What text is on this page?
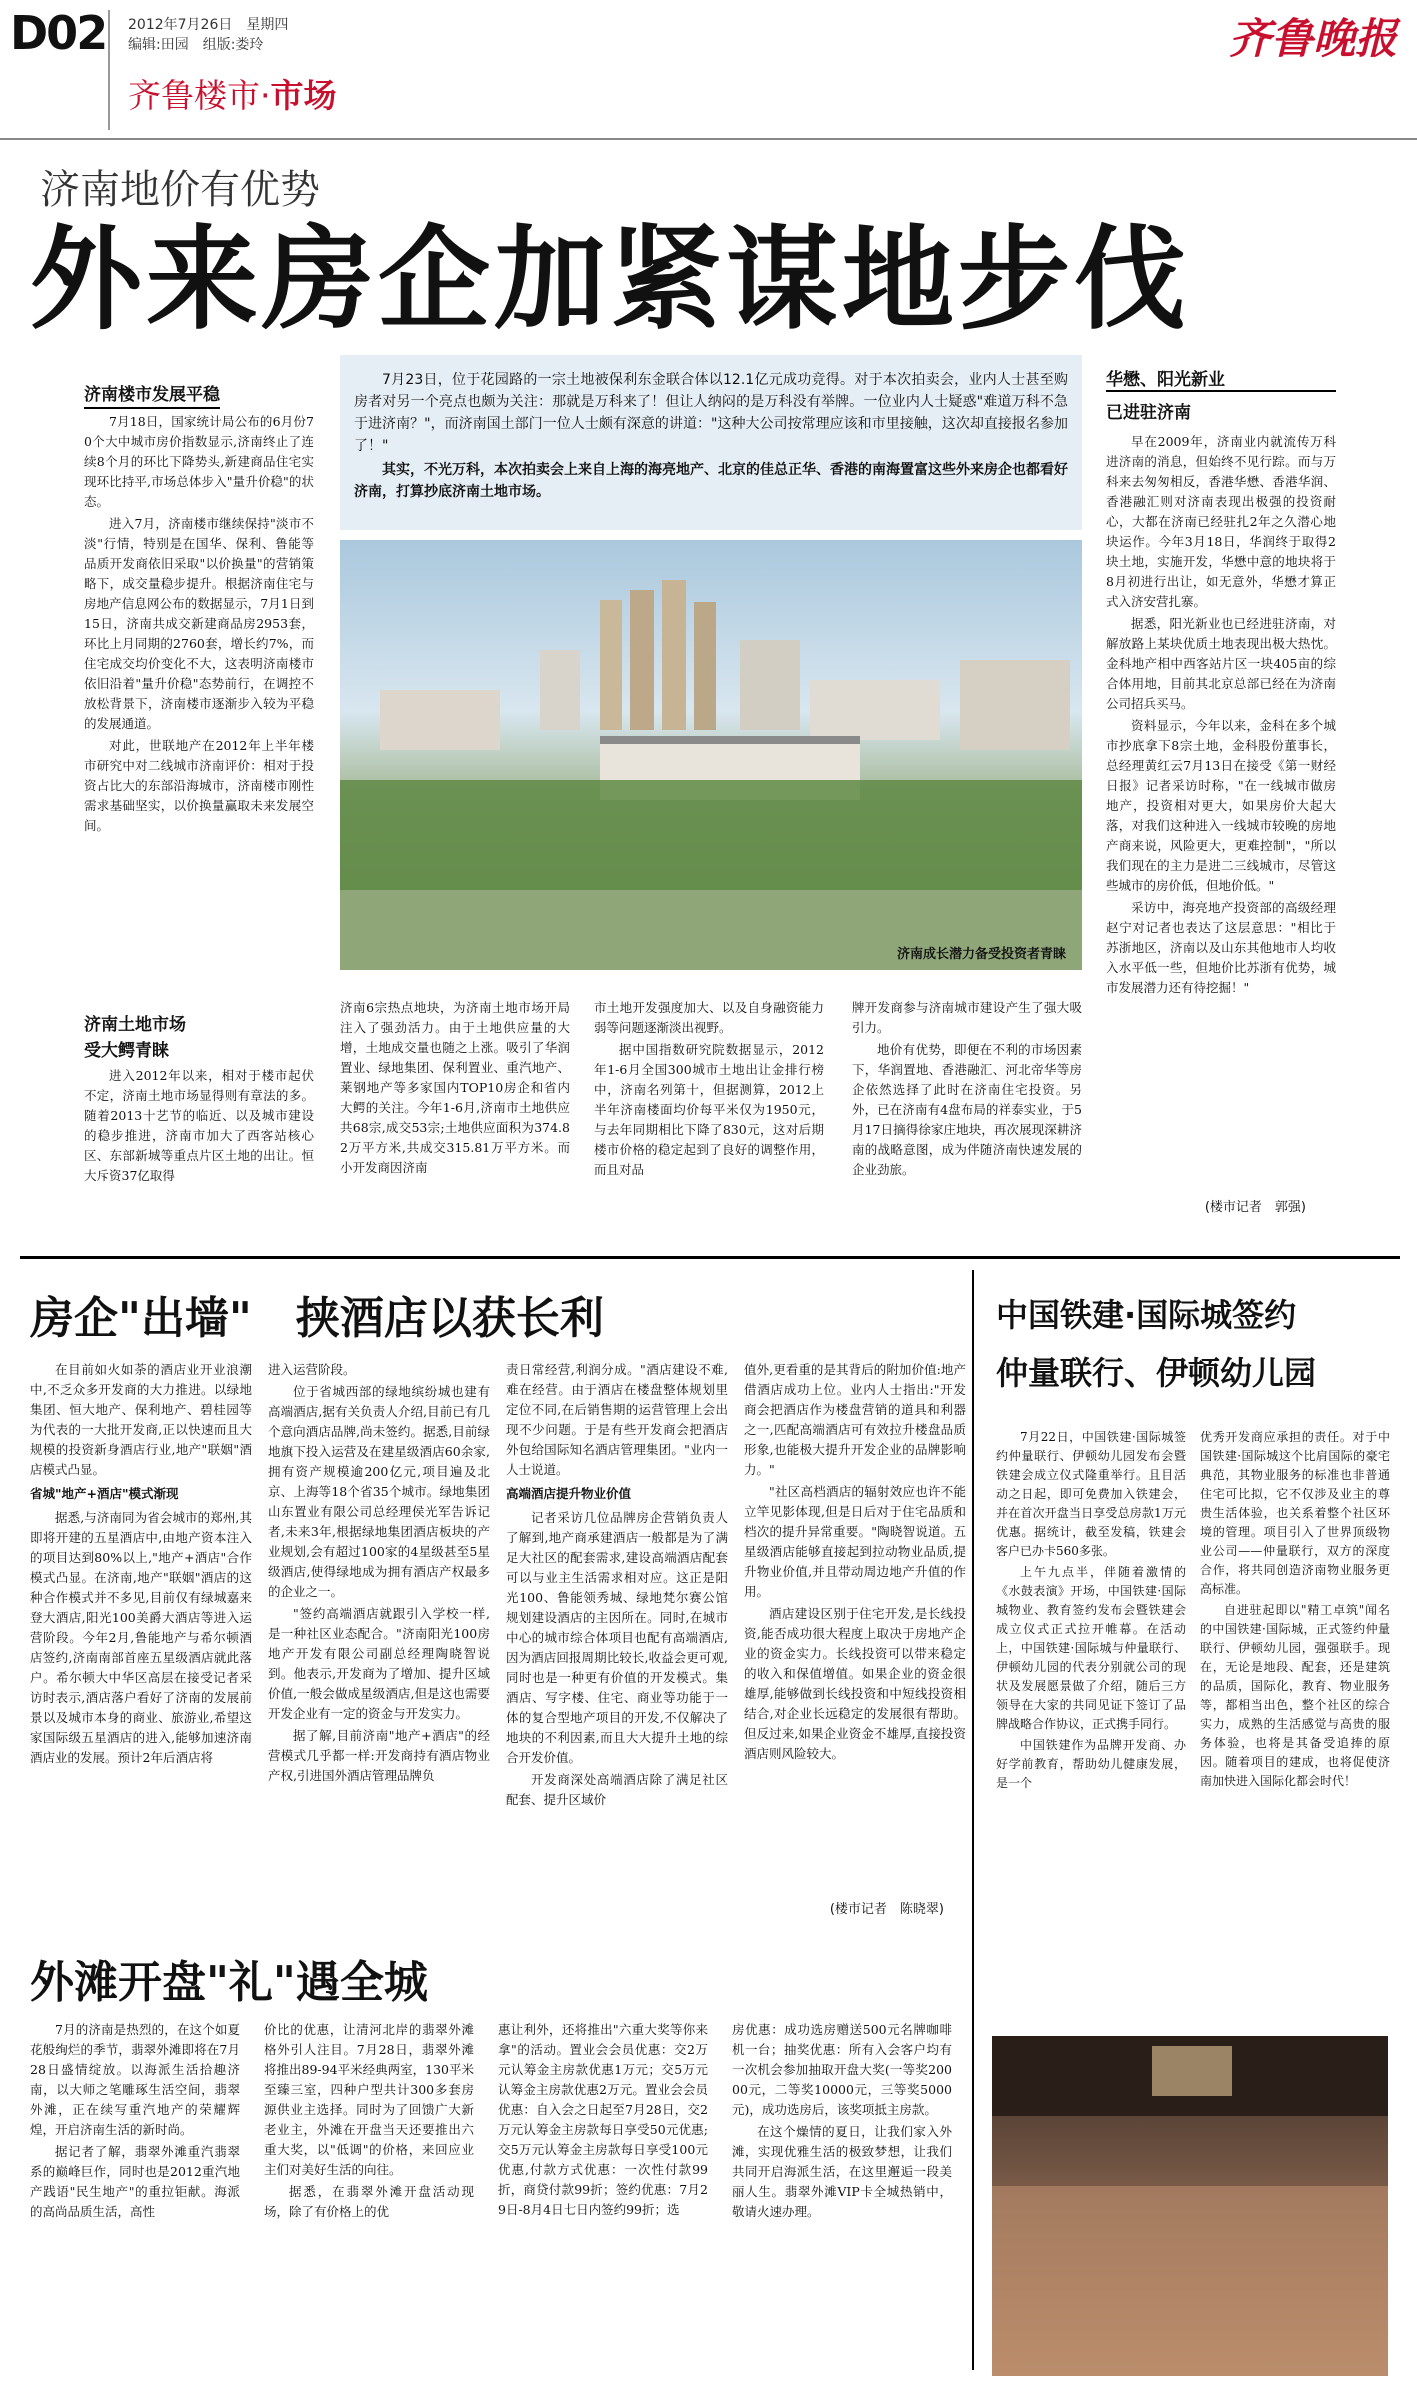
D02 2012年7月26日　星期四
编辑:田园　组版:娄玲
齐鲁楼市·市场
齐鲁晚报
济南地价有优势
外来房企加紧谋地步伐
济南楼市发展平稳

7月18日，国家统计局公布的6月份70个大中城市房价指数显示,济南终止了连续8个月的环比下降势头,新建商品住宅实现环比持平,市场总体步入"量升价稳"的状态。

进入7月，济南楼市继续保持"淡市不淡"行情，特别是在国华、保利、鲁能等品质开发商依旧采取"以价换量"的营销策略下，成交量稳步提升。根据济南住宅与房地产信息网公布的数据显示，7月1日到15日，济南共成交新建商品房2953套，环比上月同期的2760套，增长约7%，而住宅成交均价变化不大，这表明济南楼市依旧沿着"量升价稳"态势前行，在调控不放松背景下，济南楼市逐渐步入较为平稳的发展通道。

对此，世联地产在2012年上半年楼市研究中对二线城市济南评价：相对于投资占比大的东部沿海城市，济南楼市刚性需求基础坚实，以价换量赢取未来发展空间。

济南土地市场
受大鳄青睐

进入2012年以来，相对于楼市起伏不定，济南土地市场显得则有章法的多。随着2013十艺节的临近、以及城市建设的稳步推进，济南市加大了西客站核心区、东部新城等重点片区土地的出让。恒大斥资37亿取得

7月23日，位于花园路的一宗土地被保利东金联合体以12.1亿元成功竞得。对于本次拍卖会，业内人士甚至购房者对另一个亮点也颇为关注：那就是万科来了！但让人纳闷的是万科没有举牌。一位业内人士疑惑"难道万科不急于进济南？"，而济南国土部门一位人士颇有深意的讲道："这种大公司按常理应该和市里接触，这次却直接报名参加了！"

其实，不光万科，本次拍卖会上来自上海的海亮地产、北京的佳总正华、香港的南海置富这些外来房企也都看好济南，打算抄底济南土地市场。

济南成长潜力备受投资者青睐

济南6宗热点地块，为济南土地市场开局注入了强劲活力。由于土地供应量的大增，土地成交量也随之上涨。吸引了华润置业、绿地集团、保利置业、重汽地产、莱钢地产等多家国内TOP10房企和省内大鳄的关注。今年1-6月,济南市土地供应共68宗,成交53宗;土地供应面积为374.82万平方米,共成交315.81万平方米。而小开发商因济南

市土地开发强度加大、以及自身融资能力弱等问题逐渐淡出视野。

据中国指数研究院数据显示，2012年1-6月全国300城市土地出让金排行榜中，济南名列第十，但据测算，2012上半年济南楼面均价每平米仅为1950元，与去年同期相比下降了830元，这对后期楼市价格的稳定起到了良好的调整作用，而且对品

牌开发商参与济南城市建设产生了强大吸引力。

地价有优势，即便在不利的市场因素下，华润置地、香港融汇、河北帝华等房企依然选择了此时在济南住宅投资。另外，已在济南有4盘布局的祥泰实业，于5月17日摘得徐家庄地块，再次展现深耕济南的战略意图，成为伴随济南快速发展的企业劲旅。

华懋、阳光新业
已进驻济南

早在2009年，济南业内就流传万科进济南的消息，但始终不见行踪。而与万科来去匆匆相反，香港华懋、香港华润、香港融汇则对济南表现出极强的投资耐心，大都在济南已经驻扎2年之久潜心地块运作。今年3月18日，华润终于取得2块土地，实施开发，华懋中意的地块将于8月初进行出让，如无意外，华懋才算正式入济安营扎寨。

据悉，阳光新业也已经进驻济南，对解放路上某块优质土地表现出极大热忱。金科地产相中西客站片区一块405亩的综合体用地，目前其北京总部已经在为济南公司招兵买马。

资料显示，今年以来，金科在多个城市抄底拿下8宗土地，金科股份董事长，总经理黄红云7月13日在接受《第一财经日报》记者采访时称，"在一线城市做房地产，投资相对更大，如果房价大起大落，对我们这种进入一线城市较晚的房地产商来说，风险更大，更难控制"，"所以我们现在的主力是进二三线城市，尽管这些城市的房价低，但地价低。"

采访中，海亮地产投资部的高级经理赵宁对记者也表达了这层意思："相比于苏浙地区，济南以及山东其他地市人均收入水平低一些，但地价比苏浙有优势，城市发展潜力还有待挖掘！"

(楼市记者　郭强)
房企"出墙"　挟酒店以获长利

在目前如火如荼的酒店业开业浪潮中,不乏众多开发商的大力推进。以绿地集团、恒大地产、保利地产、碧桂园等为代表的一大批开发商,正以快速而且大规模的投资新身酒店行业,地产"联姻"酒店模式凸显。

省城"地产+酒店"模式渐现

据悉,与济南同为省会城市的郑州,其即将开建的五星酒店中,由地产资本注入的项目达到80%以上,"地产+酒店"合作模式凸显。在济南,地产"联姻"酒店的这种合作模式并不多见,目前仅有绿城嘉来登大酒店,阳光100美爵大酒店等进入运营阶段。今年2月,鲁能地产与希尔顿酒店签约,济南南部首座五星级酒店就此落户。希尔顿大中华区高层在接受记者采访时表示,酒店落户看好了济南的发展前景以及城市本身的商业、旅游业,希望这家国际级五星酒店的进入,能够加速济南酒店业的发展。预计2年后酒店将

进入运营阶段。

位于省城西部的绿地缤纷城也建有高端酒店,据有关负责人介绍,目前已有几个意向酒店品牌,尚未签约。据悉,目前绿地旗下投入运营及在建星级酒店60余家,拥有资产规模逾200亿元,项目遍及北京、上海等18个省35个城市。绿地集团山东置业有限公司总经理侯光军告诉记者,未来3年,根据绿地集团酒店板块的产业规划,会有超过100家的4星级甚至5星级酒店,使得绿地成为拥有酒店产权最多的企业之一。

"签约高端酒店就跟引入学校一样,是一种社区业态配合。"济南阳光100房地产开发有限公司副总经理陶晓智说到。他表示,开发商为了增加、提升区域价值,一般会做成星级酒店,但是这也需要开发企业有一定的资金与开发实力。

据了解,目前济南"地产+酒店"的经营模式几乎都一样:开发商持有酒店物业产权,引进国外酒店管理品牌负

责日常经营,利润分成。"酒店建设不难,难在经营。由于酒店在楼盘整体规划里定位不同,在后销售期的运营管理上会出现不少问题。于是有些开发商会把酒店外包给国际知名酒店管理集团。"业内一人士说道。

高端酒店提升物业价值

记者采访几位品牌房企营销负责人了解到,地产商承建酒店一般都是为了满足大社区的配套需求,建设高端酒店配套可以与业主生活需求相对应。这正是阳光100、鲁能领秀城、绿地梵尔赛公馆规划建设酒店的主因所在。同时,在城市中心的城市综合体项目也配有高端酒店,因为酒店回报周期比较长,收益会更可观,同时也是一种更有价值的开发模式。集酒店、写字楼、住宅、商业等功能于一体的复合型地产项目的开发,不仅解决了地块的不利因素,而且大大提升土地的综合开发价值。

开发商深处高端酒店除了满足社区配套、提升区域价

值外,更看重的是其背后的附加价值:地产借酒店成功上位。业内人士指出:"开发商会把酒店作为楼盘营销的道具和利器之一,匹配高端酒店可有效拉升楼盘品质形象,也能极大提升开发企业的品牌影响力。"

"社区高档酒店的辐射效应也许不能立竿见影体现,但是日后对于住宅品质和档次的提升异常重要。"陶晓智说道。五星级酒店能够直接起到拉动物业品质,提升物业价值,并且带动周边地产升值的作用。

酒店建设区别于住宅开发,是长线投资,能否成功很大程度上取决于房地产企业的资金实力。长线投资可以带来稳定的收入和保值增值。如果企业的资金很雄厚,能够做到长线投资和中短线投资相结合,对企业长远稳定的发展很有帮助。但反过来,如果企业资金不雄厚,直接投资酒店则风险较大。

(楼市记者　陈晓翠)
中国铁建·国际城签约
仲量联行、伊顿幼儿园

7月22日，中国铁建·国际城签约仲量联行、伊顿幼儿园发布会暨铁建会成立仪式隆重举行。且目活动之日起，即可免费加入铁建会，并在首次开盘当日享受总房款1万元优惠。据统计，截至发稿，铁建会客户已办卡560多张。

上午九点半，伴随着激情的《水鼓表演》开场，中国铁建·国际城物业、教育签约发布会暨铁建会成立仪式正式拉开帷幕。在活动上，中国铁建·国际城与仲量联行、伊顿幼儿园的代表分别就公司的现状及发展愿景做了介绍，随后三方领导在大家的共同见证下签订了品牌战略合作协议，正式携手同行。

中国铁建作为品牌开发商、办好学前教育，帮助幼儿健康发展，是一个

优秀开发商应承担的责任。对于中国铁建·国际城这个比肩国际的豪宅典范，其物业服务的标准也非普通住宅可比拟，它不仅涉及业主的尊贵生活体验，也关系着整个社区环境的管理。项目引入了世界顶级物业公司——仲量联行，双方的深度合作，将共同创造济南物业服务更高标准。

自进驻起即以"精工卓筑"闻名的中国铁建·国际城，正式签约仲量联行、伊顿幼儿园，强强联手。现在，无论是地段、配套，还是建筑的品质，国际化，教育、物业服务等，都相当出色，整个社区的综合实力，成熟的生活感觉与高贵的服务体验，也将是其备受追捧的原因。随着项目的建成，也将促使济南加快进入国际化都会时代！

外滩开盘"礼"遇全城

7月的济南是热烈的，在这个如夏花般绚烂的季节，翡翠外滩即将在7月28日盛情绽放。以海派生活拾趣济南，以大师之笔雕琢生活空间，翡翠外滩，正在续写重汽地产的荣耀辉煌，开启济南生活的新时尚。

据记者了解，翡翠外滩重汽翡翠系的巅峰巨作，同时也是2012重汽地产践语"民生地产"的重拉钜献。海派的高尚品质生活，高性

价比的优惠，让清河北岸的翡翠外滩格外引人注目。7月28日，翡翠外滩将推出89-94平米经典两室，130平米至臻三室，四种户型共计300多套房源供业主选择。同时为了回馈广大新老业主，外滩在开盘当天还要推出六重大奖，以"低调"的价格，来回应业主们对美好生活的向往。

据悉，在翡翠外滩开盘活动现场，除了有价格上的优

惠让利外，还将推出"六重大奖等你来拿"的活动。置业会会员优惠：交2万元认筹金主房款优惠1万元；交5万元认筹金主房款优惠2万元。置业会会员优惠：自入会之日起至7月28日，交2万元认筹金主房款每日享受50元优惠;交5万元认筹金主房款每日享受100元优惠,付款方式优惠：一次性付款99折，商贷付款99折；签约优惠：7月29日-8月4日七日内签约99折；选

房优惠：成功选房赠送500元名牌咖啡机一台；抽奖优惠：所有入会客户均有一次机会参加抽取开盘大奖(一等奖20000元，二等奖10000元，三等奖5000元)，成功选房后，该奖项抵主房款。

在这个燥情的夏日，让我们家入外滩，实现优雅生活的极致梦想，让我们共同开启海派生活，在这里邂逅一段美丽人生。翡翠外滩VIP卡全城热销中，敬请火速办理。
